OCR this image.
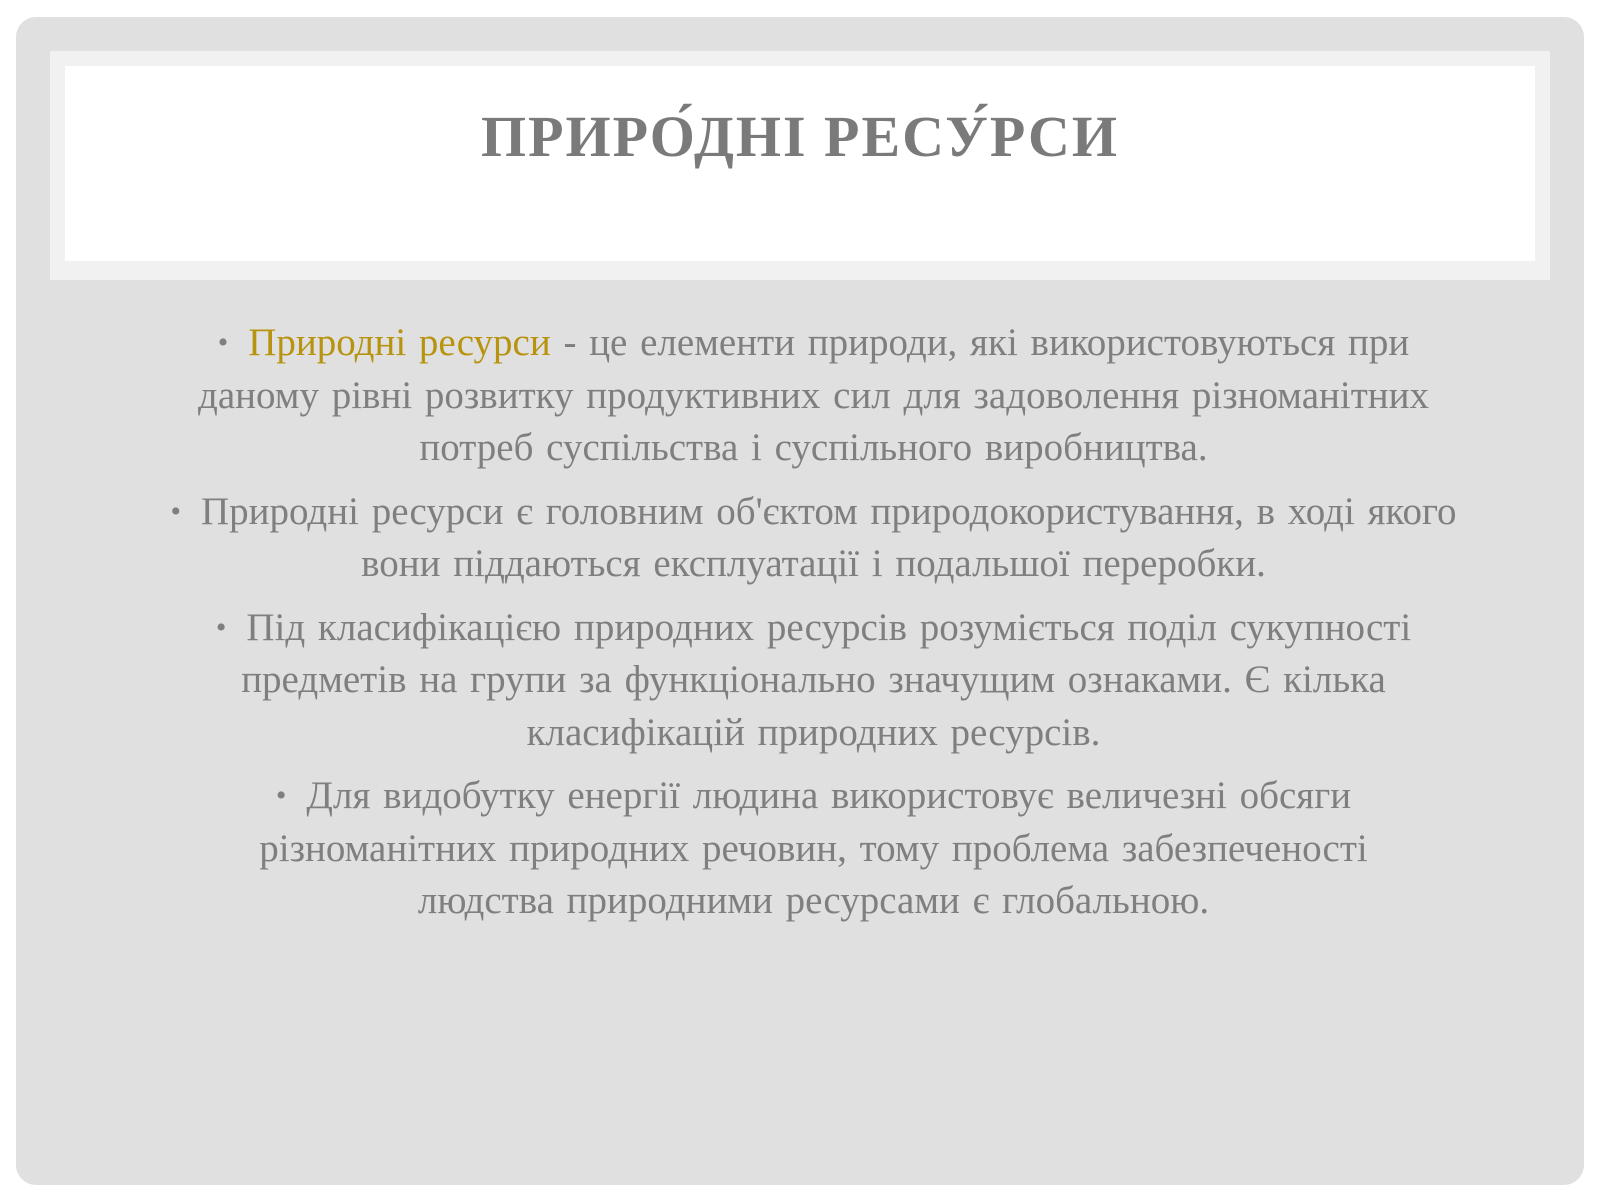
ПРИРО́ДНІ РЕСУ́РСИ
• Природні ресурси - це елементи природи, які використовуються при даному рівні розвитку продуктивних сил для задоволення різноманітних потреб суспільства і суспільного виробництва.
• Природні ресурси є головним об'єктом природокористування, в ході якого вони піддаються експлуатації і подальшої переробки.
• Під класифікацією природних ресурсів розуміється поділ сукупності предметів на групи за функціонально значущим ознаками. Є кілька класифікацій природних ресурсів.
• Для видобутку енергії людина використовує величезні обсяги різноманітних природних речовин, тому проблема забезпеченості людства природними ресурсами є глобальною.
